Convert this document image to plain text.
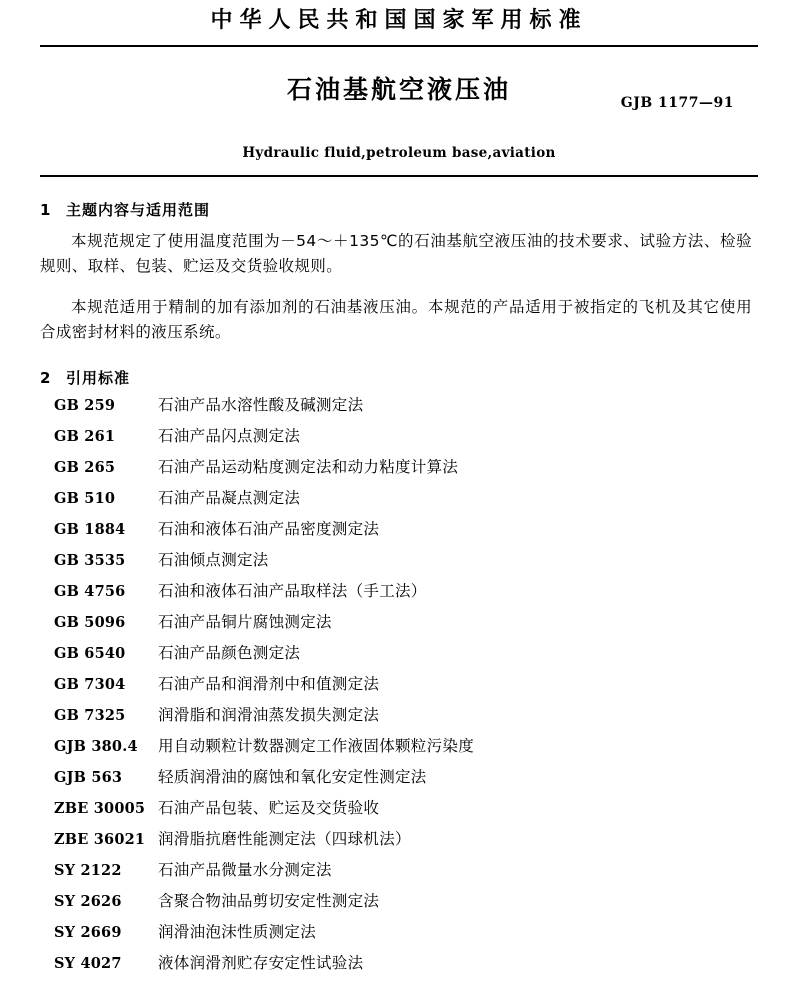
中华人民共和国国家军用标准
石油基航空液压油	GJB 1177—91
Hydraulic fluid,petroleum base,aviation
1 主题内容与适用范围

本规范规定了使用温度范围为－54～＋135℃的石油基航空液压油的技术要求、试验方法、检验规则、取样、包装、贮运及交货验收规则。

本规范适用于精制的加有添加剂的石油基液压油。本规范的产品适用于被指定的飞机及其它使用合成密封材料的液压系统。

2 引用标准
GB 259	石油产品水溶性酸及碱测定法
GB 261	石油产品闪点测定法
GB 265	石油产品运动粘度测定法和动力粘度计算法
GB 510	石油产品凝点测定法
GB 1884	石油和液体石油产品密度测定法
GB 3535	石油倾点测定法
GB 4756	石油和液体石油产品取样法（手工法）
GB 5096	石油产品铜片腐蚀测定法
GB 6540	石油产品颜色测定法
GB 7304	石油产品和润滑剂中和值测定法
GB 7325	润滑脂和润滑油蒸发损失测定法
GJB 380.4	用自动颗粒计数器测定工作液固体颗粒污染度
GJB 563	轻质润滑油的腐蚀和氧化安定性测定法
ZBE 30005 石油产品包装、贮运及交货验收
ZBE 36021 润滑脂抗磨性能测定法（四球机法）
SY 2122	石油产品微量水分测定法
SY 2626	含聚合物油品剪切安定性测定法
SY 2669	润滑油泡沫性质测定法
SY 4027	液体润滑剂贮存安定性试验法
